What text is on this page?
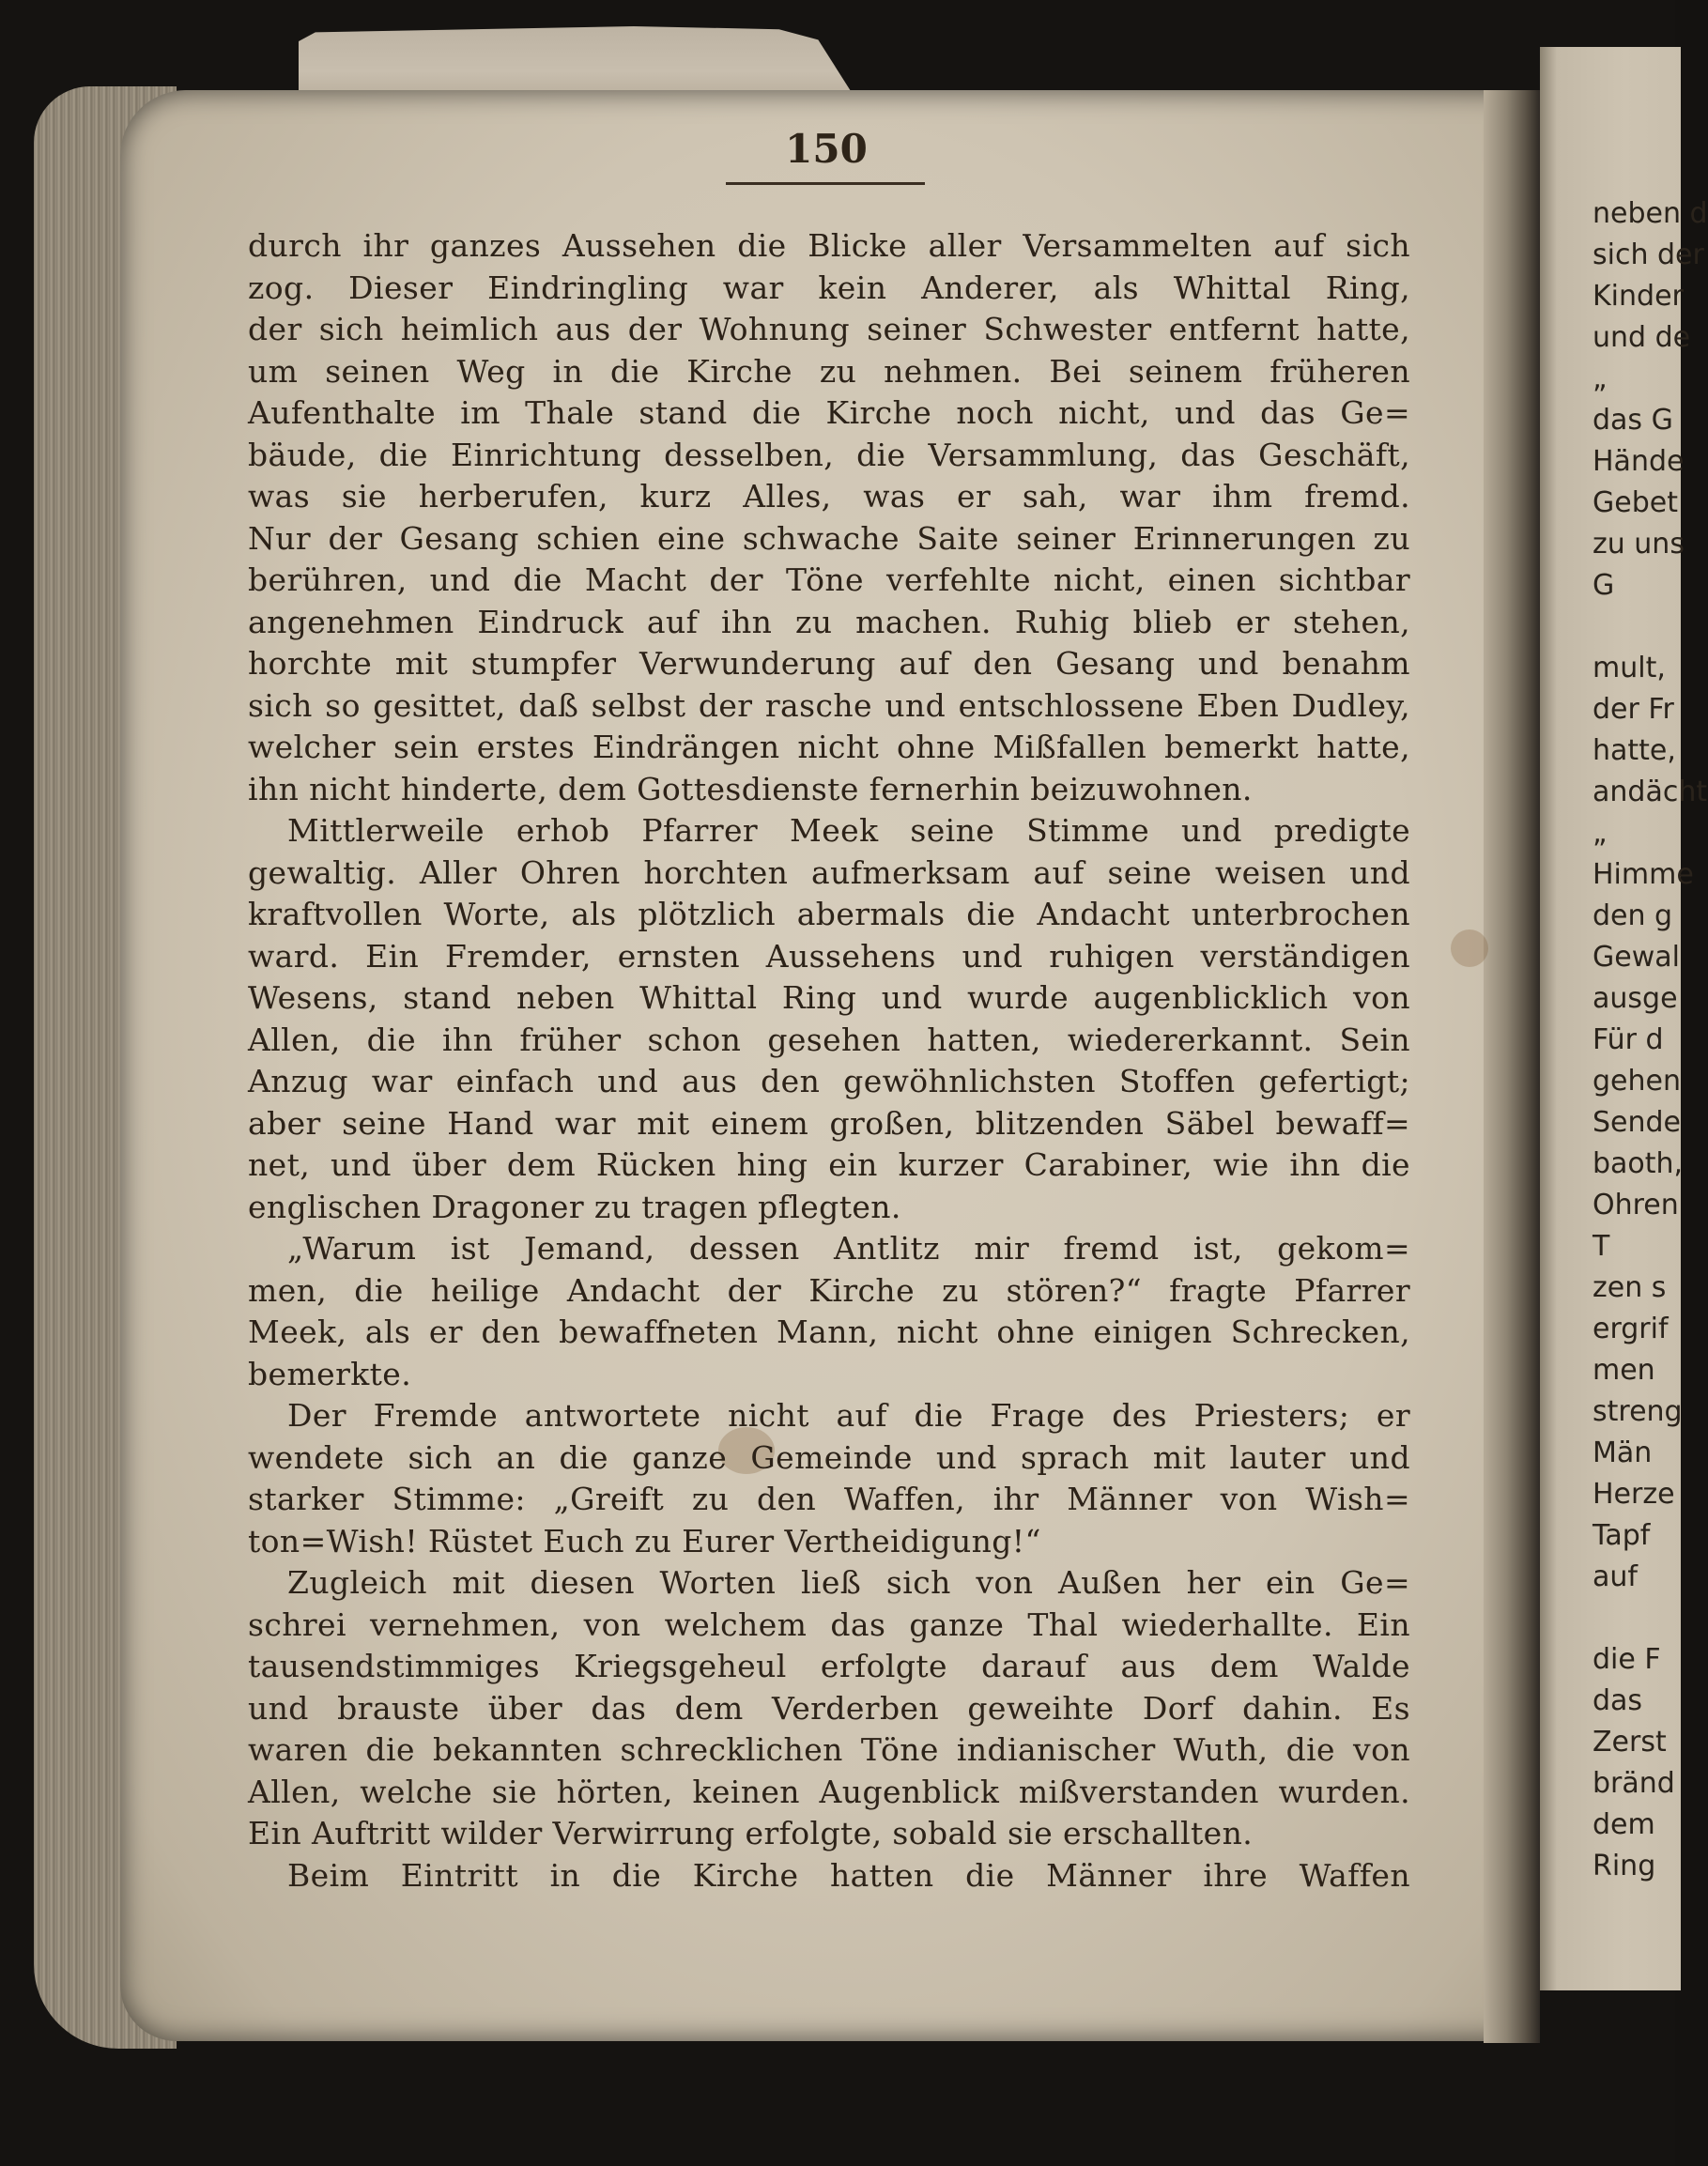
150
durch ihr ganzes Aussehen die Blicke aller Versammelten auf sich
zog. Dieser Eindringling war kein Anderer, als Whittal Ring,
der sich heimlich aus der Wohnung seiner Schwester entfernt hatte,
um seinen Weg in die Kirche zu nehmen. Bei seinem früheren
Aufenthalte im Thale stand die Kirche noch nicht, und das Ge=
bäude, die Einrichtung desselben, die Versammlung, das Geschäft,
was sie herberufen, kurz Alles, was er sah, war ihm fremd.
Nur der Gesang schien eine schwache Saite seiner Erinnerungen zu
berühren, und die Macht der Töne verfehlte nicht, einen sichtbar
angenehmen Eindruck auf ihn zu machen. Ruhig blieb er stehen,
horchte mit stumpfer Verwunderung auf den Gesang und benahm
sich so gesittet, daß selbst der rasche und entschlossene Eben Dudley,
welcher sein erstes Eindrängen nicht ohne Mißfallen bemerkt hatte,
ihn nicht hinderte, dem Gottesdienste fernerhin beizuwohnen.
Mittlerweile erhob Pfarrer Meek seine Stimme und predigte
gewaltig. Aller Ohren horchten aufmerksam auf seine weisen und
kraftvollen Worte, als plötzlich abermals die Andacht unterbrochen
ward. Ein Fremder, ernsten Aussehens und ruhigen verständigen
Wesens, stand neben Whittal Ring und wurde augenblicklich von
Allen, die ihn früher schon gesehen hatten, wiedererkannt. Sein
Anzug war einfach und aus den gewöhnlichsten Stoffen gefertigt;
aber seine Hand war mit einem großen, blitzenden Säbel bewaff=
net, und über dem Rücken hing ein kurzer Carabiner, wie ihn die
englischen Dragoner zu tragen pflegten.
„Warum ist Jemand, dessen Antlitz mir fremd ist, gekom=
men, die heilige Andacht der Kirche zu stören?“ fragte Pfarrer
Meek, als er den bewaffneten Mann, nicht ohne einigen Schrecken,
bemerkte.
Der Fremde antwortete nicht auf die Frage des Priesters; er
wendete sich an die ganze Gemeinde und sprach mit lauter und
starker Stimme: „Greift zu den Waffen, ihr Männer von Wish=
ton=Wish! Rüstet Euch zu Eurer Vertheidigung!“
Zugleich mit diesen Worten ließ sich von Außen her ein Ge=
schrei vernehmen, von welchem das ganze Thal wiederhallte. Ein
tausendstimmiges Kriegsgeheul erfolgte darauf aus dem Walde
und brauste über das dem Verderben geweihte Dorf dahin. Es
waren die bekannten schrecklichen Töne indianischer Wuth, die von
Allen, welche sie hörten, keinen Augenblick mißverstanden wurden.
Ein Auftritt wilder Verwirrung erfolgte, sobald sie erschallten.
Beim Eintritt in die Kirche hatten die Männer ihre Waffen
neben d
sich der
Kinder
und de
„
das G
Hände
Gebet
zu uns
G
mult,
der Fr
hatte,
andächt
„
Himme
den g
Gewal
ausge
Für d
gehen
Sende
baoth,
Ohren
T
zen s
ergrif
men
streng
Män
Herze
Tapf
auf
die F
das
Zerst
bränd
dem
Ring
